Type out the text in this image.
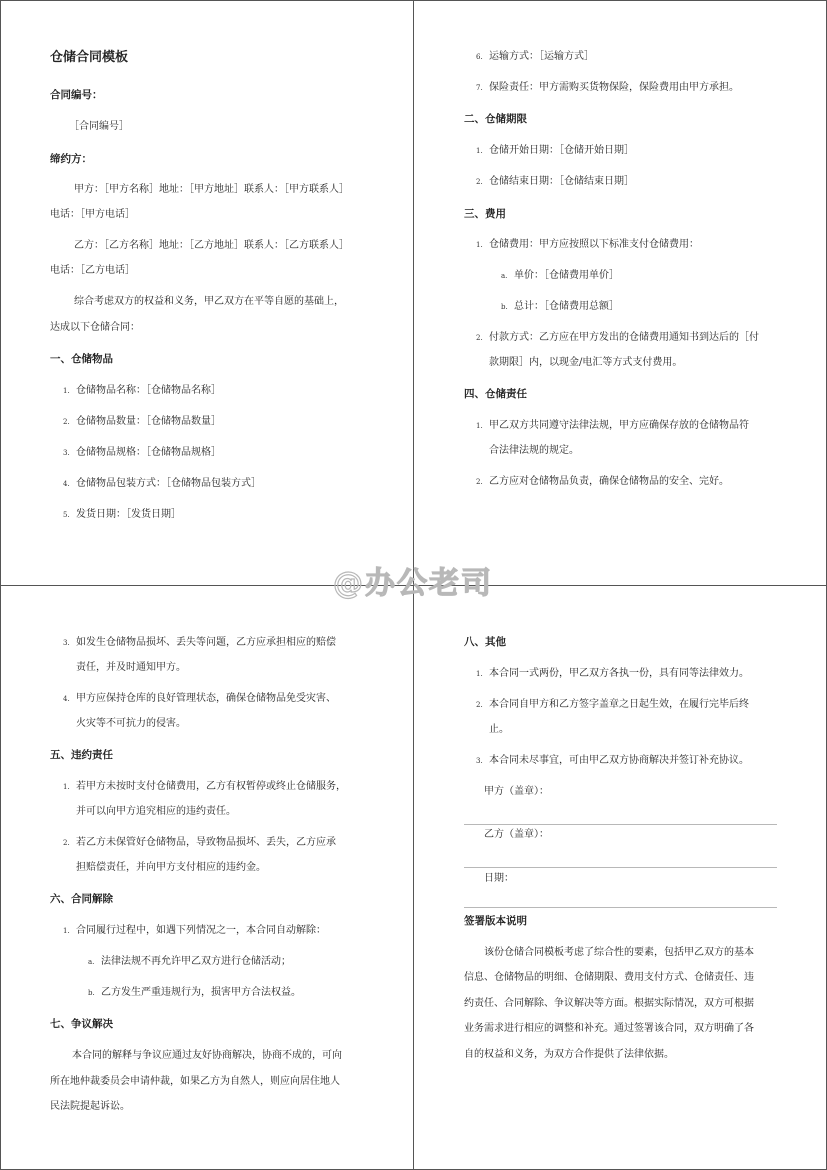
仓储合同模板
合同编号：
［合同编号］
缔约方：
甲方：［甲方名称］地址：［甲方地址］联系人：［甲方联系人］
电话：［甲方电话］
乙方：［乙方名称］地址：［乙方地址］联系人：［乙方联系人］
电话：［乙方电话］
综合考虑双方的权益和义务，甲乙双方在平等自愿的基础上，
达成以下仓储合同：
一、仓储物品
1. 仓储物品名称：［仓储物品名称］
2. 仓储物品数量：［仓储物品数量］
3. 仓储物品规格：［仓储物品规格］
4. 仓储物品包装方式：［仓储物品包装方式］
5. 发货日期：［发货日期］
6. 运输方式：［运输方式］
7. 保险责任：甲方需购买货物保险，保险费用由甲方承担。
二、仓储期限
1. 仓储开始日期：［仓储开始日期］
2. 仓储结束日期：［仓储结束日期］
三、费用
1. 仓储费用：甲方应按照以下标准支付仓储费用：
a. 单价：［仓储费用单价］
b. 总计：［仓储费用总额］
2. 付款方式：乙方应在甲方发出的仓储费用通知书到达后的［付
款期限］内，以现金/电汇等方式支付费用。
四、仓储责任
1. 甲乙双方共同遵守法律法规，甲方应确保存放的仓储物品符
合法律法规的规定。
2. 乙方应对仓储物品负责，确保仓储物品的安全、完好。
3. 如发生仓储物品损坏、丢失等问题，乙方应承担相应的赔偿
责任，并及时通知甲方。
4. 甲方应保持仓库的良好管理状态，确保仓储物品免受灾害、
火灾等不可抗力的侵害。
五、违约责任
1. 若甲方未按时支付仓储费用，乙方有权暂停或终止仓储服务，
并可以向甲方追究相应的违约责任。
2. 若乙方未保管好仓储物品，导致物品损坏、丢失，乙方应承
担赔偿责任，并向甲方支付相应的违约金。
六、合同解除
1. 合同履行过程中，如遇下列情况之一，本合同自动解除：
a. 法律法规不再允许甲乙双方进行仓储活动；
b. 乙方发生严重违规行为，损害甲方合法权益。
七、争议解决
本合同的解释与争议应通过友好协商解决，协商不成的，可向
所在地仲裁委员会申请仲裁，如果乙方为自然人，则应向居住地人
民法院提起诉讼。
八、其他
1. 本合同一式两份，甲乙双方各执一份，具有同等法律效力。
2. 本合同自甲方和乙方签字盖章之日起生效，在履行完毕后终
止。
3. 本合同未尽事宜，可由甲乙双方协商解决并签订补充协议。
甲方（盖章）：
乙方（盖章）：
日期：
签署版本说明
该份仓储合同模板考虑了综合性的要素，包括甲乙双方的基本
信息、仓储物品的明细、仓储期限、费用支付方式、仓储责任、违
约责任、合同解除、争议解决等方面。根据实际情况，双方可根据
业务需求进行相应的调整和补充。通过签署该合同，双方明确了各
自的权益和义务，为双方合作提供了法律依据。
@办公老司
